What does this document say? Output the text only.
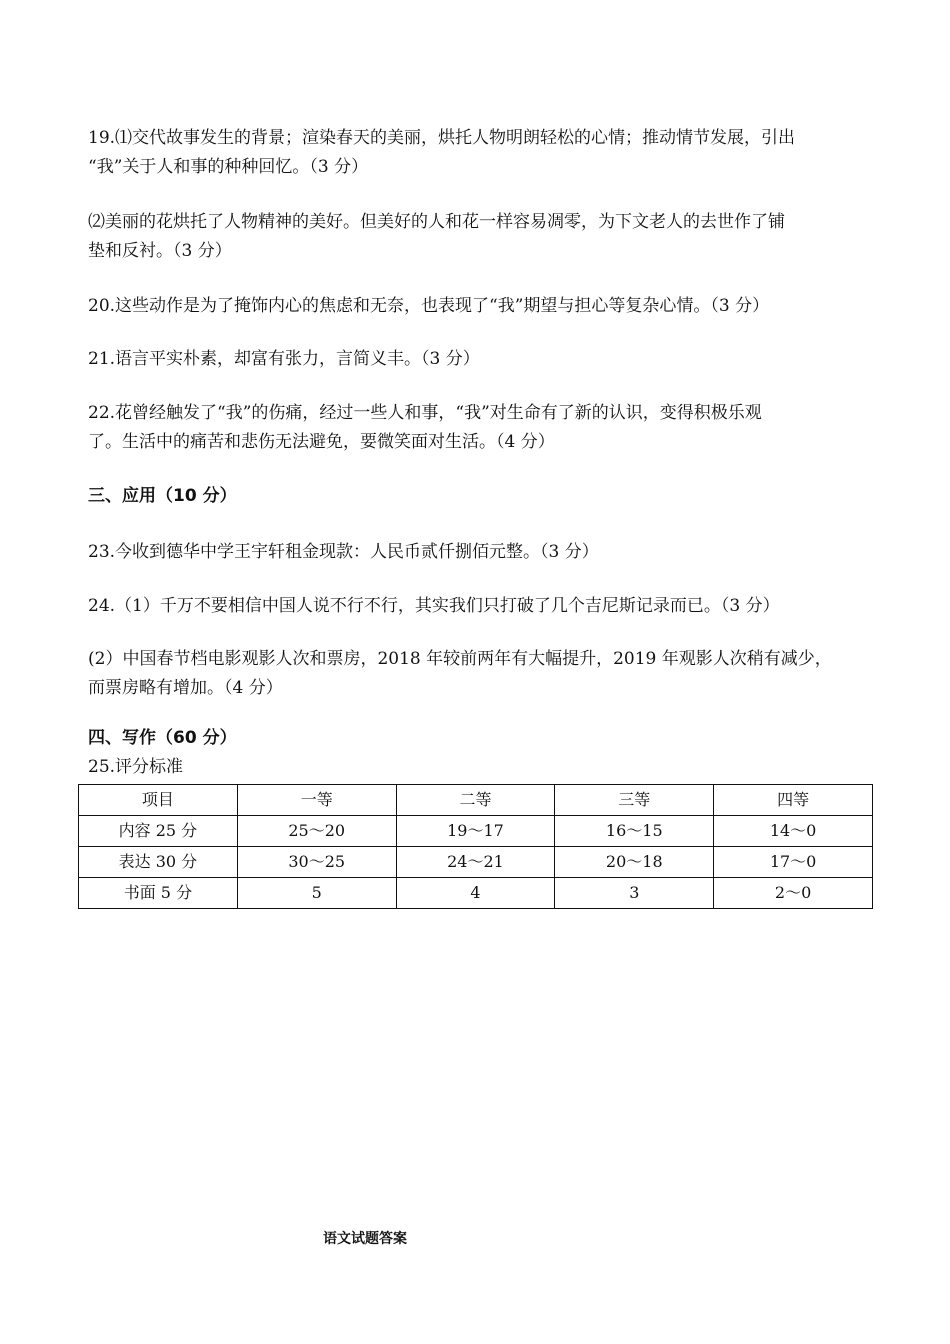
19.⑴交代故事发生的背景；渲染春天的美丽，烘托人物明朗轻松的心情；推动情节发展，引出
“我”关于人和事的种种回忆。（3 分）

⑵美丽的花烘托了人物精神的美好。但美好的人和花一样容易凋零，为下文老人的去世作了铺
垫和反衬。（3 分）

20.这些动作是为了掩饰内心的焦虑和无奈，也表现了“我”期望与担心等复杂心情。（3 分）

21.语言平实朴素，却富有张力，言简义丰。（3 分）

22.花曾经触发了“我”的伤痛，经过一些人和事，“我”对生命有了新的认识，变得积极乐观
了。生活中的痛苦和悲伤无法避免，要微笑面对生活。（4 分）

三、应用（10 分）

23.今收到德华中学王宇轩租金现款：人民币贰仟捌佰元整。（3 分）

24.（1）千万不要相信中国人说不行不行，其实我们只打破了几个吉尼斯记录而已。（3 分）

(2）中国春节档电影观影人次和票房，2018 年较前两年有大幅提升，2019 年观影人次稍有减少，
而票房略有增加。（4 分）

四、写作（60 分）

25.评分标准

项目	一等	二等	三等	四等
内容 25 分	25～20	19～17	16～15	14～0
表达 30 分	30～25	24～21	20～18	17～0
书面 5 分	5	4	3	2～0

语文试题答案
